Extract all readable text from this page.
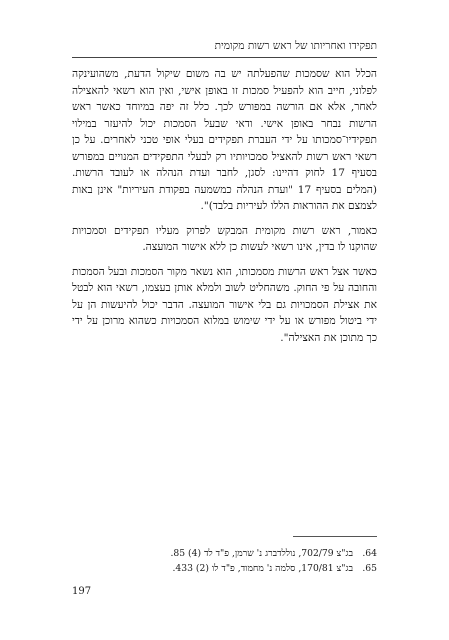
תפקידו ואחריותו של ראש רשות מקומית

הכלל הוא שסמכות שהפעלתה יש בה משום שיקול הדעת, משהועינקה לפלוני, חייב הוא להפעיל סמכות זו באופן אישי, ואין הוא רשאי להאצילה לאחר, אלא אם הורשה במפורש לכך. כלל זה יפה במיוחד כאשר ראש הרשות נבחר באופן אישי. ודאי שבעל הסמכות יכול להיעזר במילוי תפקידיו־סמכותו על ידי העברת תפקידים בעלי אופי טכני לאחרים. על כן רשאי ראש רשות להאציל סמכויותיו רק לבעלי התפקידים המנויים במפורש בסעיף 17 לחוק דהיינו: לסגן, לחבר ועדת הנהלה או לעובד הרשות. (המלים בסעיף 17 "ועדת הנהלה כמשמעה בפקודת העיריות" אינן באות לצמצם את ההוראות הללו לעיריות בלבד)".

כאמור, ראש רשות מקומית המבקש לפרוק מעליו תפקידים וסמכויות שהוקנו לו בדין, אינו רשאי לעשות כן ללא אישור המועצה.

כאשר אצל ראש הרשות מסמכותו, הוא נשאר מקור הסמכות ובעל הסמכות והחובה על פי החוק. משהחליט לשוב ולמלא אותן בעצמו, רשאי הוא לבטל את אצילת הסמכויות גם בלי אישור המועצה. הדבר יכול להיעשות הן על ידי ביטול מפורש או על ידי שימוש במלוא הסמכויות כשהוא מרוכן על ידי כך מתוכן את האצילה".

64.
בג"צ 702/79, נוללדברג נ' שרמן, פ"ד לד (4) 85.
65.
בג"צ 170/81, סלמה נ' מחמוד, פ"ד לו (2) 433.
197
